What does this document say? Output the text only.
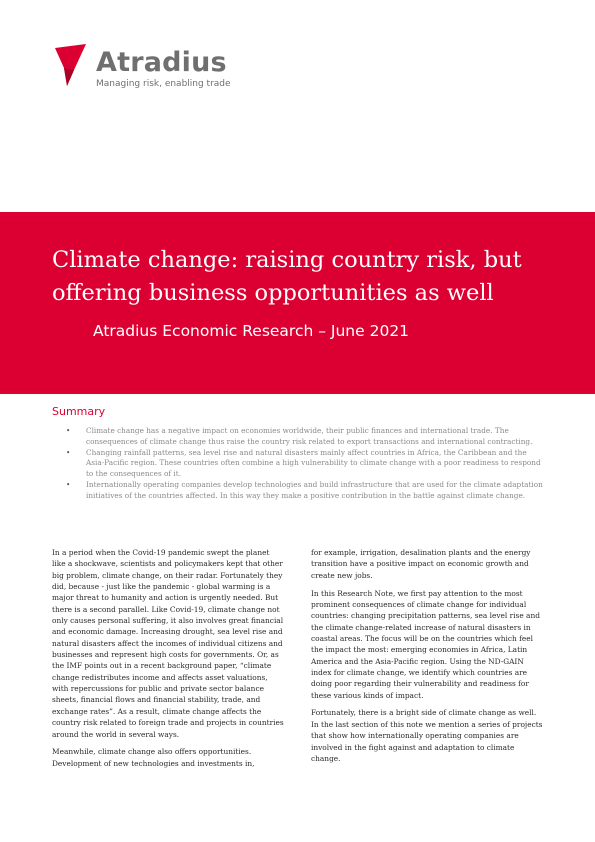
Atradius
Managing risk, enabling trade
Climate change: raising country risk, but offering business opportunities as well
Atradius Economic Research – June 2021
Summary
• Climate change has a negative impact on economies worldwide, their public finances and international trade. The consequences of climate change thus raise the country risk related to export transactions and international contracting.
• Changing rainfall patterns, sea level rise and natural disasters mainly affect countries in Africa, the Caribbean and the Asia-Pacific region. These countries often combine a high vulnerability to climate change with a poor readiness to respond to the consequences of it.
• Internationally operating companies develop technologies and build infrastructure that are used for the climate adaptation initiatives of the countries affected. In this way they make a positive contribution in the battle against climate change.

In a period when the Covid-19 pandemic swept the planet like a shockwave, scientists and policymakers kept that other big problem, climate change, on their radar. Fortunately they did, because - just like the pandemic - global warming is a major threat to humanity and action is urgently needed. But there is a second parallel. Like Covid-19, climate change not only causes personal suffering, it also involves great financial and economic damage. Increasing drought, sea level rise and natural disasters affect the incomes of individual citizens and businesses and represent high costs for governments. Or, as the IMF points out in a recent background paper, “climate change redistributes income and affects asset valuations, with repercussions for public and private sector balance sheets, financial flows and financial stability, trade, and exchange rates”. As a result, climate change affects the country risk related to foreign trade and projects in countries around the world in several ways.

Meanwhile, climate change also offers opportunities. Development of new technologies and investments in,

for example, irrigation, desalination plants and the energy transition have a positive impact on economic growth and create new jobs.

In this Research Note, we first pay attention to the most prominent consequences of climate change for individual countries: changing precipitation patterns, sea level rise and the climate change-related increase of natural disasters in coastal areas. The focus will be on the countries which feel the impact the most: emerging economies in Africa, Latin America and the Asia-Pacific region. Using the ND-GAIN index for climate change, we identify which countries are doing poor regarding their vulnerability and readiness for these various kinds of impact.

Fortunately, there is a bright side of climate change as well. In the last section of this note we mention a series of projects that show how internationally operating companies are involved in the fight against and adaptation to climate change.
